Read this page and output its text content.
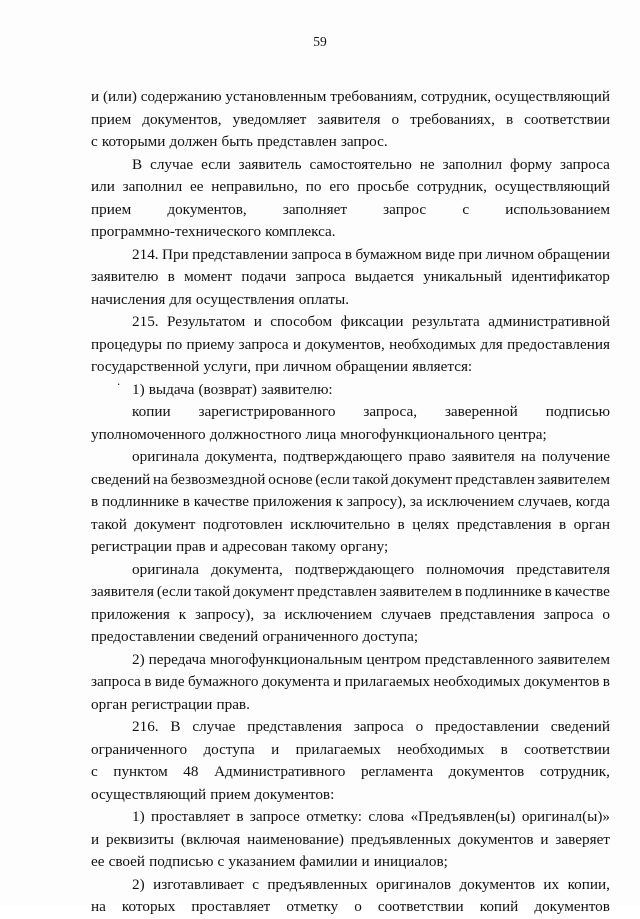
59
.
и (или) содержанию установленным требованиям, сотрудник, осуществляющий
прием документов, уведомляет заявителя о требованиях, в соответствии
с которыми должен быть представлен запрос.
В случае если заявитель самостоятельно не заполнил форму запроса
или заполнил ее неправильно, по его просьбе сотрудник, осуществляющий
прием документов, заполняет запрос с использованием
программно-технического комплекса.
214. При представлении запроса в бумажном виде при личном обращении
заявителю в момент подачи запроса выдается уникальный идентификатор
начисления для осуществления оплаты.
215. Результатом и способом фиксации результата административной
процедуры по приему запроса и документов, необходимых для предоставления
государственной услуги, при личном обращении является:
1) выдача (возврат) заявителю:
копии зарегистрированного запроса, заверенной подписью
уполномоченного должностного лица многофункционального центра;
оригинала документа, подтверждающего право заявителя на получение
сведений на безвозмездной основе (если такой документ представлен заявителем
в подлиннике в качестве приложения к запросу), за исключением случаев, когда
такой документ подготовлен исключительно в целях представления в орган
регистрации прав и адресован такому органу;
оригинала документа, подтверждающего полномочия представителя
заявителя (если такой документ представлен заявителем в подлиннике в качестве
приложения к запросу), за исключением случаев представления запроса о
предоставлении сведений ограниченного доступа;
2) передача многофункциональным центром представленного заявителем
запроса в виде бумажного документа и прилагаемых необходимых документов в
орган регистрации прав.
216. В случае представления запроса о предоставлении сведений
ограниченного доступа и прилагаемых необходимых в соответствии
с пунктом 48 Административного регламента документов сотрудник,
осуществляющий прием документов:
1) проставляет в запросе отметку: слова «Предъявлен(ы) оригинал(ы)»
и реквизиты (включая наименование) предъявленных документов и заверяет
ее своей подписью с указанием фамилии и инициалов;
2) изготавливает с предъявленных оригиналов документов их копии,
на которых проставляет отметку о соответствии копий документов
